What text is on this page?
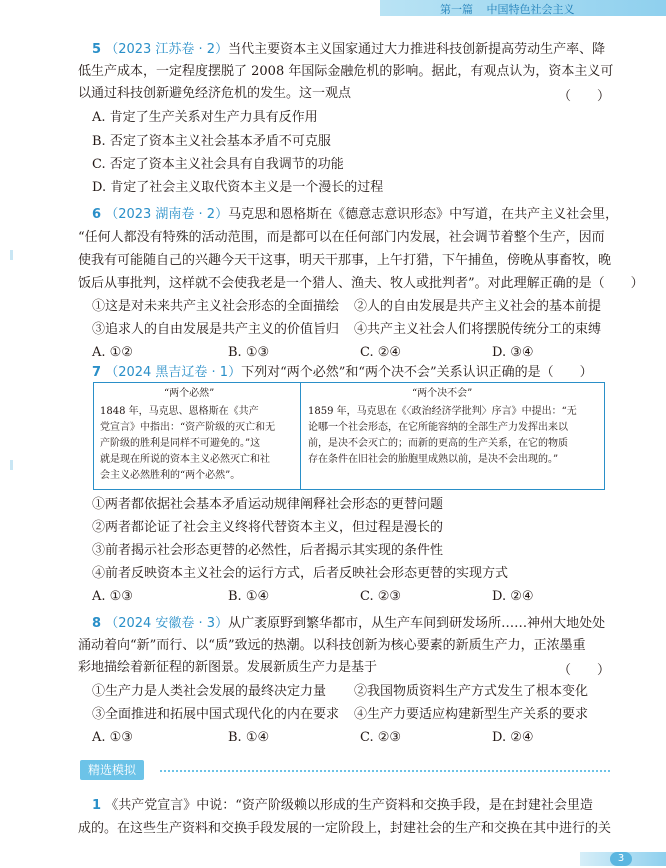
第一篇 中国特色社会主义
5 （2023 江苏卷 · 2）当代主要资本主义国家通过大力推进科技创新提高劳动生产率、降
低生产成本，一定程度摆脱了 2008 年国际金融危机的影响。据此，有观点认为，资本主义可
以通过科技创新避免经济危机的发生。这一观点	（　　）
A. 肯定了生产关系对生产力具有反作用
B. 否定了资本主义社会基本矛盾不可克服
C. 否定了资本主义社会具有自我调节的功能
D. 肯定了社会主义取代资本主义是一个漫长的过程
6 （2023 湖南卷 · 2）马克思和恩格斯在《德意志意识形态》中写道，在共产主义社会里，
“任何人都没有特殊的活动范围，而是都可以在任何部门内发展，社会调节着整个生产，因而
使我有可能随自己的兴趣今天干这事，明天干那事，上午打猎，下午捕鱼，傍晚从事畜牧，晚
饭后从事批判，这样就不会使我老是一个猎人、渔夫、牧人或批判者”。对此理解正确的是（　　）
①这是对未来共产主义社会形态的全面描绘 ②人的自由发展是共产主义社会的基本前提
③追求人的自由发展是共产主义的价值旨归 ④共产主义社会人们将摆脱传统分工的束缚
A. ①②	B. ①③	C. ②④	D. ③④
7 （2024 黑吉辽卷 · 1）下列对“两个必然”和“两个决不会”关系认识正确的是（　　）
“两个必然”
1848 年，马克思、恩格斯在《共产
党宣言》中指出：“资产阶级的灭亡和无
产阶级的胜利是同样不可避免的。”这
就是现在所说的资本主义必然灭亡和社
会主义必然胜利的“两个必然”。
“两个决不会”
1859 年，马克思在《〈政治经济学批判〉序言》中提出：“无
论哪一个社会形态，在它所能容纳的全部生产力发挥出来以
前，是决不会灭亡的；而新的更高的生产关系，在它的物质
存在条件在旧社会的胎胞里成熟以前，是决不会出现的。”
①两者都依据社会基本矛盾运动规律阐释社会形态的更替问题
②两者都论证了社会主义终将代替资本主义，但过程是漫长的
③前者揭示社会形态更替的必然性，后者揭示其实现的条件性
④前者反映资本主义社会的运行方式，后者反映社会形态更替的实现方式
A. ①③	B. ①④	C. ②③	D. ②④
8 （2024 安徽卷 · 3）从广袤原野到繁华都市，从生产车间到研发场所……神州大地处处
涌动着向“新”而行、以“质”致远的热潮。以科技创新为核心要素的新质生产力，正浓墨重
彩地描绘着新征程的新图景。发展新质生产力是基于	（　　）
①生产力是人类社会发展的最终决定力量 ②我国物质资料生产方式发生了根本变化
③全面推进和拓展中国式现代化的内在要求 ④生产力要适应构建新型生产关系的要求
A. ①③	B. ①④	C. ②③	D. ②④
1 《共产党宣言》中说：“资产阶级赖以形成的生产资料和交换手段，是在封建社会里造
成的。在这些生产资料和交换手段发展的一定阶段上，封建社会的生产和交换在其中进行的关
精选模拟
3
